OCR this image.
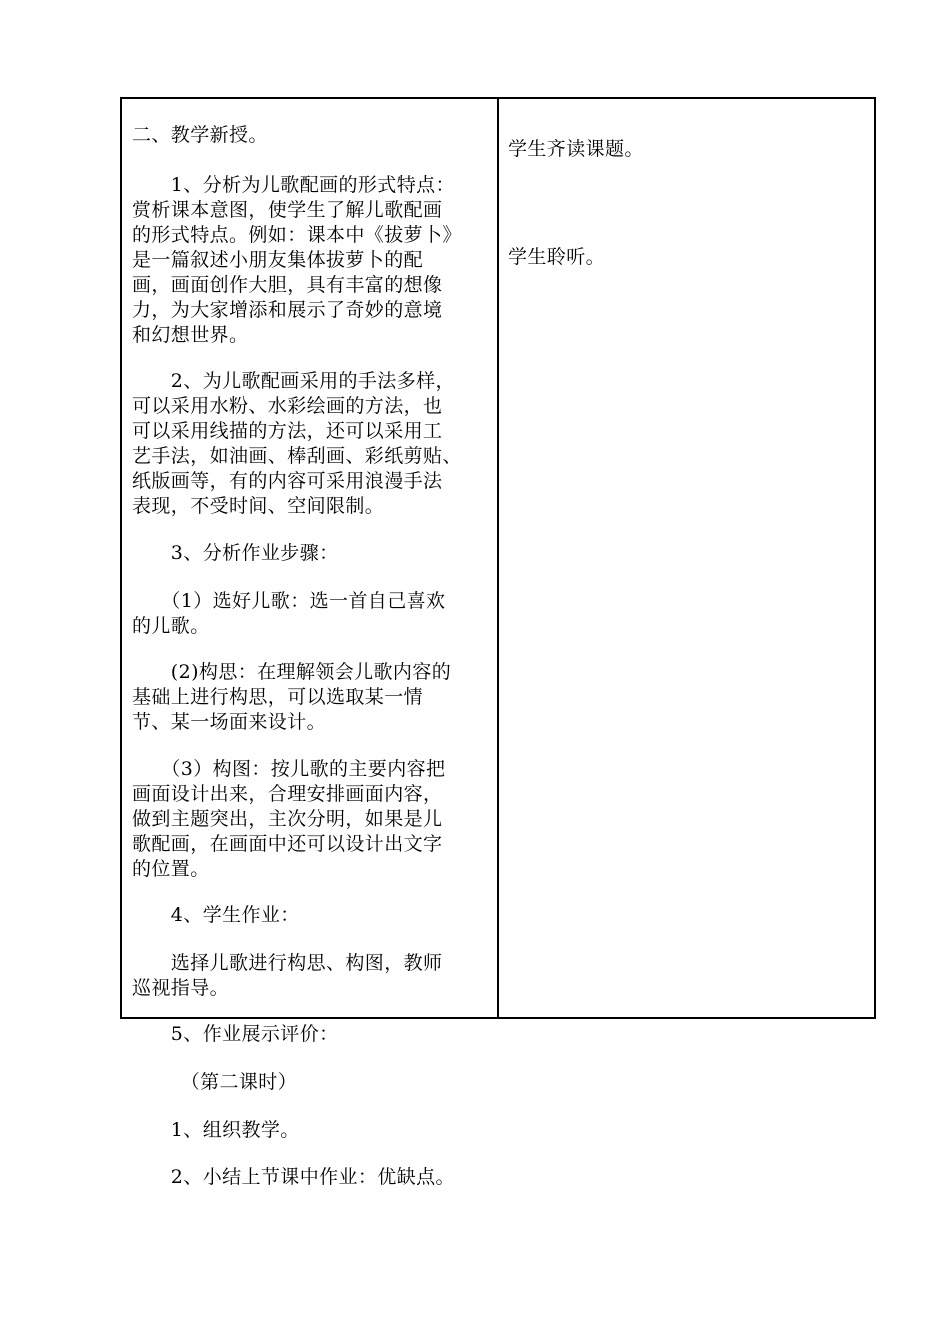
二、教学新授。
　　1、分析为儿歌配画的形式特点：
赏析课本意图，使学生了解儿歌配画
的形式特点。例如：课本中《拔萝卜》
是一篇叙述小朋友集体拔萝卜的配
画，画面创作大胆，具有丰富的想像
力，为大家增添和展示了奇妙的意境
和幻想世界。
　　2、为儿歌配画采用的手法多样，
可以采用水粉、水彩绘画的方法，也
可以采用线描的方法，还可以采用工
艺手法，如油画、棒刮画、彩纸剪贴、
纸版画等，有的内容可采用浪漫手法
表现，不受时间、空间限制。
　　3、分析作业步骤：
　　（1）选好儿歌：选一首自己喜欢
的儿歌。
　　(2)构思：在理解领会儿歌内容的
基础上进行构思，可以选取某一情
节、某一场面来设计。
　　（3）构图：按儿歌的主要内容把
画面设计出来，合理安排画面内容，
做到主题突出，主次分明，如果是儿
歌配画，在画面中还可以设计出文字
的位置。
　　4、学生作业：
　　选择儿歌进行构思、构图，教师
巡视指导。
　　5、作业展示评价：
　　　（第二课时）
　　1、组织教学。
　　2、小结上节课中作业：优缺点。
学生齐读课题。
学生聆听。
